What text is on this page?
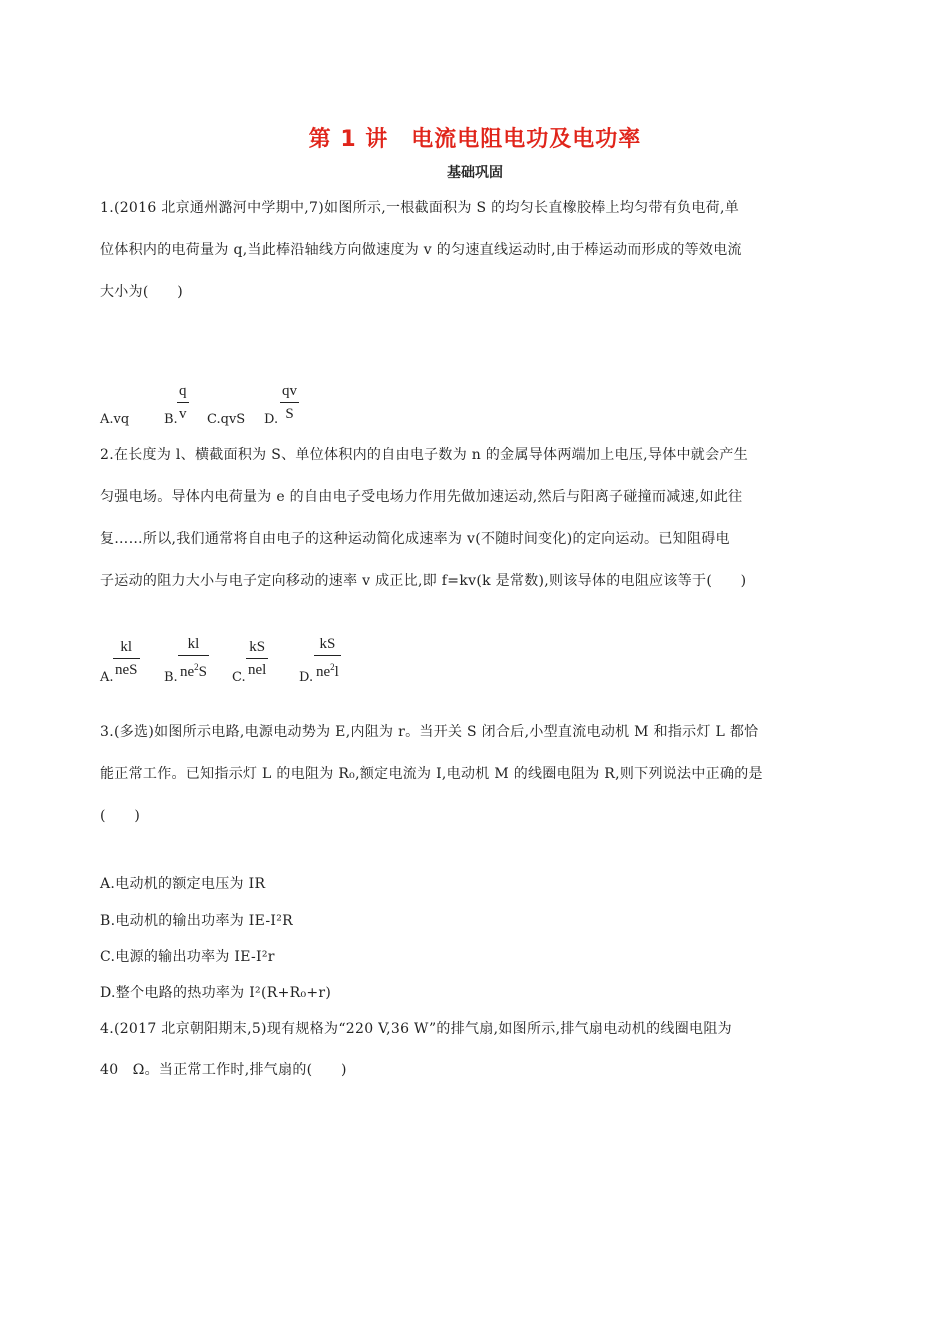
第 1 讲　电流电阻电功及电功率
基础巩固
1.(2016 北京通州潞河中学期中,7)如图所示,一根截面积为 S 的均匀长直橡胶棒上均匀带有负电荷,单
位体积内的电荷量为 q,当此棒沿轴线方向做速度为 v 的匀速直线运动时,由于棒运动而形成的等效电流
大小为(　　)
A.vq	B.
q
v C.qvS D.
qv
S
2.在长度为 l、横截面积为 S、单位体积内的自由电子数为 n 的金属导体两端加上电压,导体中就会产生
匀强电场。导体内电荷量为 e 的自由电子受电场力作用先做加速运动,然后与阳离子碰撞而减速,如此往
复……所以,我们通常将自由电子的这种运动简化成速率为 v(不随时间变化)的定向运动。已知阻碍电
子运动的阻力大小与电子定向移动的速率 v 成正比,即 f=kv(k 是常数),则该导体的电阻应该等于(　　)
A.
kl
neS B.
kl
$ne^2S$ C.
kS
nel	D.
kS
$ne^2l$
3.(多选)如图所示电路,电源电动势为 E,内阻为 r。当开关 S 闭合后,小型直流电动机 M 和指示灯 L 都恰
能正常工作。已知指示灯 L 的电阻为 R₀,额定电流为 I,电动机 M 的线圈电阻为 R,则下列说法中正确的是
(　　)
A.电动机的额定电压为 IR
B.电动机的输出功率为 IE-I²R
C.电源的输出功率为 IE-I²r
D.整个电路的热功率为 I²(R+R₀+r)
4.(2017 北京朝阳期末,5)现有规格为“220 V,36 W”的排气扇,如图所示,排气扇电动机的线圈电阻为
40　Ω。当正常工作时,排气扇的(　　)
